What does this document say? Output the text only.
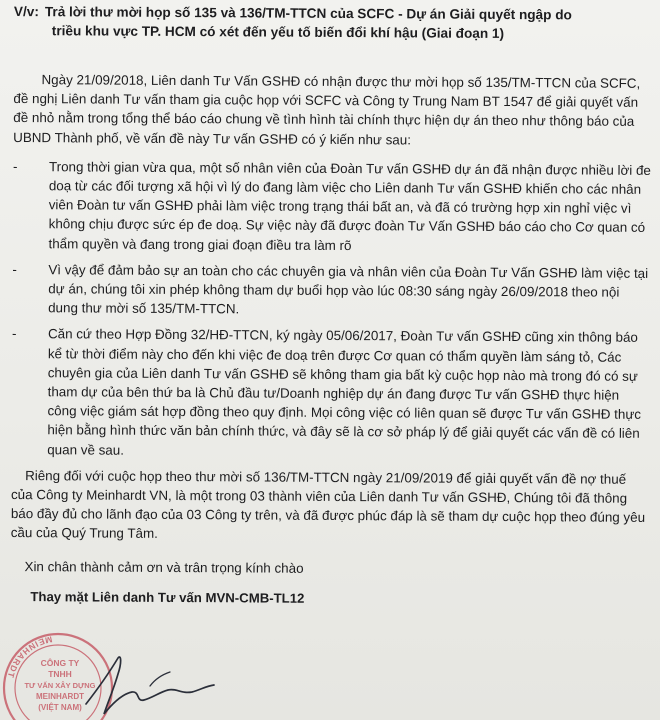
V/v: Trả lời thư mời họp số 135 và 136/TM-TTCN của SCFC - Dự án Giải quyết ngập do
triều khu vực TP. HCM có xét đến yếu tố biến đổi khí hậu (Giai đoạn 1)

Ngày 21/09/2018, Liên danh Tư Vấn GSHĐ có nhận được thư mời họp số 135/TM-TTCN của SCFC, đề nghị Liên danh Tư vấn tham gia cuộc họp với SCFC và Công ty Trung Nam BT 1547 để giải quyết vấn đề nhỏ nằm trong tổng thể báo cáo chung về tình hình tài chính thực hiện dự án theo như thông báo của UBND Thành phố, về vấn đề này Tư vấn GSHĐ có ý kiến như sau:

- Trong thời gian vừa qua, một số nhân viên của Đoàn Tư vấn GSHĐ dự án đã nhận được nhiều lời đe doạ từ các đối tượng xã hội vì lý do đang làm việc cho Liên danh Tư vấn GSHĐ khiến cho các nhân viên Đoàn tư vấn GSHĐ phải làm việc trong trạng thái bất an, và đã có trường hợp xin nghỉ việc vì không chịu được sức ép đe doạ. Sự việc này đã được đoàn Tư Vấn GSHĐ báo cáo cho Cơ quan có thẩm quyền và đang trong giai đoạn điều tra làm rõ
- Vì vậy để đảm bảo sự an toàn cho các chuyên gia và nhân viên của Đoàn Tư Vấn GSHĐ làm việc tại dự án, chúng tôi xin phép không tham dự buổi họp vào lúc 08:30 sáng ngày 26/09/2018 theo nội dung thư mời số 135/TM-TTCN.
- Căn cứ theo Hợp Đồng 32/HĐ-TTCN, ký ngày 05/06/2017, Đoàn Tư vấn GSHĐ cũng xin thông báo kể từ thời điểm này cho đến khi việc đe doạ trên được Cơ quan có thẩm quyền làm sáng tỏ, Các chuyên gia của Liên danh Tư vấn GSHĐ sẽ không tham gia bất kỳ cuộc họp nào mà trong đó có sự tham dự của bên thứ ba là Chủ đầu tư/Doanh nghiệp dự án đang được Tư vấn GSHĐ thực hiện công việc giám sát hợp đồng theo quy định. Mọi công việc có liên quan sẽ được Tư vấn GSHĐ thực hiện bằng hình thức văn bản chính thức, và đây sẽ là cơ sở pháp lý để giải quyết các vấn đề có liên quan về sau.

Riêng đối với cuộc họp theo thư mời số 136/TM-TTCN ngày 21/09/2019 để giải quyết vấn đề nợ thuế của Công ty Meinhardt VN, là một trong 03 thành viên của Liên danh Tư vấn GSHĐ, Chúng tôi đã thông báo đầy đủ cho lãnh đạo của 03 Công ty trên, và đã được phúc đáp là sẽ tham dự cuộc họp theo đúng yêu cầu của Quý Trung Tâm.

Xin chân thành cảm ơn và trân trọng kính chào
Thay mặt Liên danh Tư vấn MVN-CMB-TL12
MEINHARDT
CÔNG TY
TNHH
TƯ VẤN XÂY DỰNG
MEINHARDT
(VIỆT NAM)
